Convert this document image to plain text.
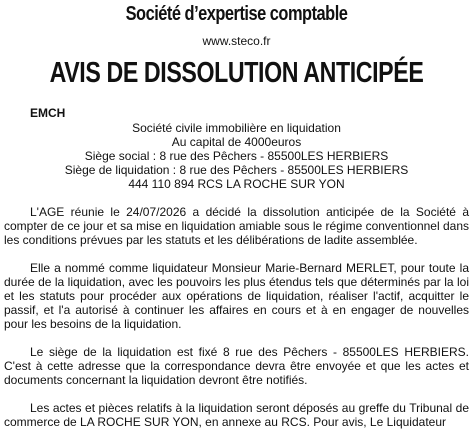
Société d’expertise comptable
www.steco.fr
AVIS DE DISSOLUTION ANTICIPÉE
EMCH
Société civile immobilière en liquidation
Au capital de 4000euros
Siège social : 8 rue des Pêchers - 85500LES HERBIERS
Siège de liquidation : 8 rue des Pêchers - 85500LES HERBIERS
444 110 894 RCS LA ROCHE SUR YON

L'AGE réunie le 24/07/2026 a décidé la dissolution anticipée de la Société à compter de ce jour et sa mise en liquidation amiable sous le régime conventionnel dans les conditions prévues par les statuts et les délibérations de ladite assemblée.

Elle a nommé comme liquidateur Monsieur Marie-Bernard MERLET, pour toute la durée de la liquidation, avec les pouvoirs les plus étendus tels que déterminés par la loi et les statuts pour procéder aux opérations de liquidation, réaliser l'actif, acquitter le passif, et l'a autorisé à continuer les affaires en cours et à en engager de nouvelles pour les besoins de la liquidation.

Le siège de la liquidation est fixé 8 rue des Pêchers - 85500LES HERBIERS. C'est à cette adresse que la correspondance devra être envoyée et que les actes et documents concernant la liquidation devront être notifiés.

Les actes et pièces relatifs à la liquidation seront déposés au greffe du Tribunal de commerce de LA ROCHE SUR YON, en annexe au RCS. Pour avis, Le Liquidateur
